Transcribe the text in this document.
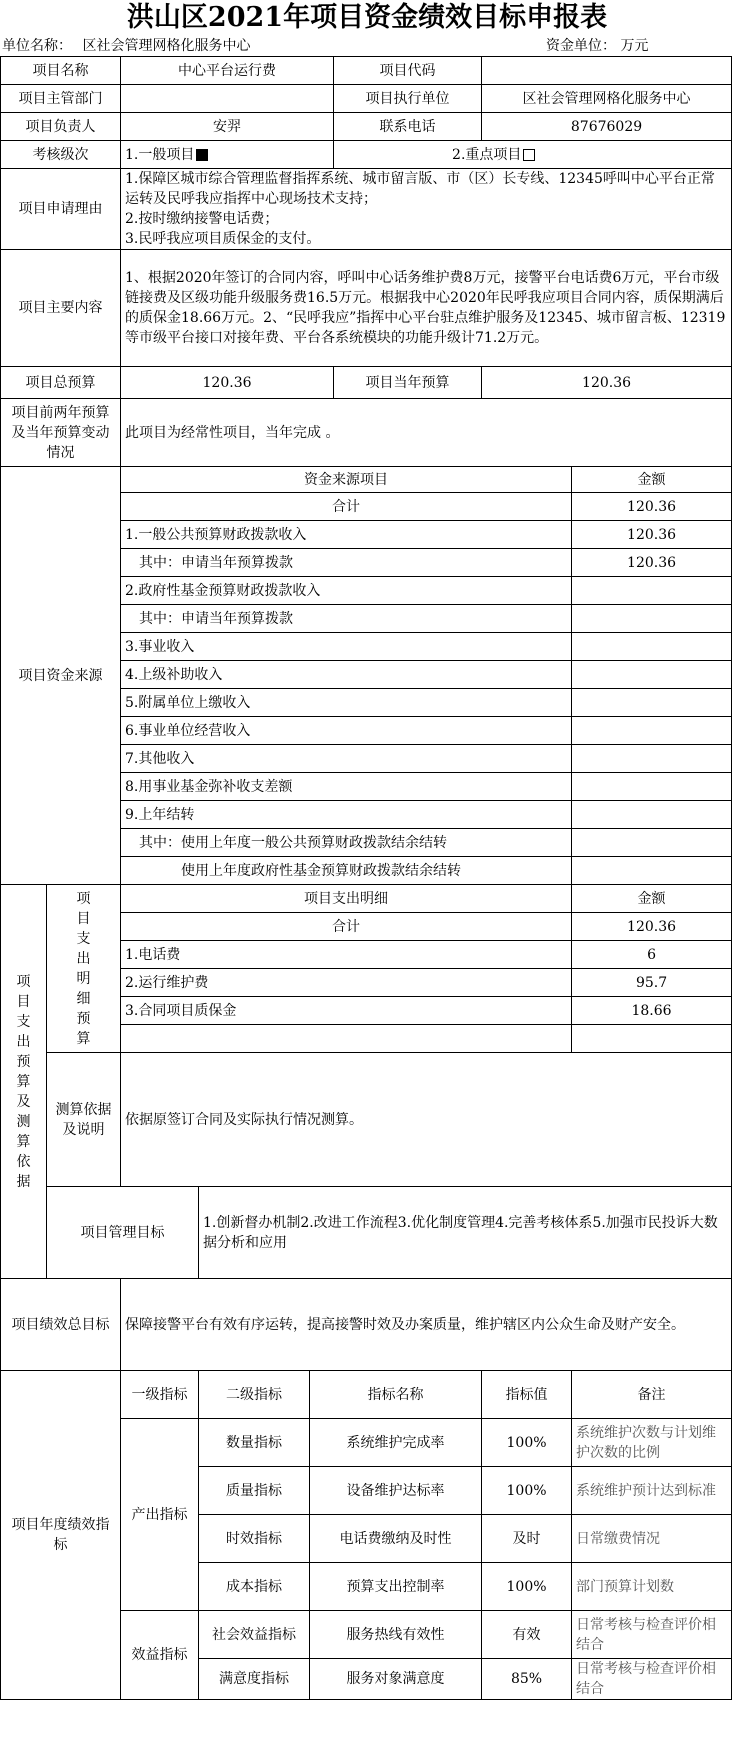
洪山区2021年项目资金绩效目标申报表
单位名称： 区社会管理网格化服务中心	资金单位： 万元
项目名称		中心平台运行费			项目代码		
项目主管部门					项目执行单位	区社会管理网格化服务中心	
项目负责人		安羿			联系电话	87676029	
考核级次		1.一般项目			2.重点项目		
项目申请理由		1.保障区城市综合管理监督指挥系统、城市留言版、市（区）长专线、12345呼叫中心平台正常运转及民呼我应指挥中心现场技术支持；
2.按时缴纳接警电话费；
3.民呼我应项目质保金的支付。					
项目主要内容		1、根据2020年签订的合同内容，呼叫中心话务维护费8万元，接警平台电话费6万元，平台市级链接费及区级功能升级服务费16.5万元。根据我中心2020年民呼我应项目合同内容，质保期满后的质保金18.66万元。2、“民呼我应”指挥中心平台驻点维护服务及12345、城市留言板、12319等市级平台接口对接年费、平台各系统模块的功能升级计71.2万元。					
项目总预算		120.36			项目当年预算	120.36	
项目前两年预算及当年预算变动情况		此项目为经常性项目，当年完成 。					
项目资金来源		资金来源项目					金额
		合计					120.36
		1.一般公共预算财政拨款收入					120.36
		其中：申请当年预算拨款					120.36
		2.政府性基金预算财政拨款收入					
		其中：申请当年预算拨款					
		3.事业收入					
		4.上级补助收入					
		5.附属单位上缴收入					
		6.事业单位经营收入					
		7.其他收入					
		8.用事业基金弥补收支差额					
		9.上年结转					
		其中：使用上年度一般公共预算财政拨款结余结转					
		使用上年度政府性基金预算财政拨款结余结转					

项目支出预算及测算依据	项目支出明细预算	项目支出明细					金额
		合计					120.36
		1.电话费					6
		2.运行维护费					95.7
		3.合同项目质保金					18.66

	测算依据及说明	依据原签订合同及实际执行情况测算。					
	项目管理目标		1.创新督办机制2.改进工作流程3.优化制度管理4.完善考核体系5.加强市民投诉大数据分析和应用				
项目绩效总目标		保障接警平台有效有序运转，提高接警时效及办案质量，维护辖区内公众生命及财产安全。					
项目年度绩效指标		一级指标	二级指标	指标名称		指标值	备注
		产出指标	数量指标	系统维护完成率		100%	系统维护次数与计划维护次数的比例
			质量指标	设备维护达标率		100%	系统维护预计达到标准
			时效指标	电话费缴纳及时性		及时	日常缴费情况
			成本指标	预算支出控制率		100%	部门预算计划数
		效益指标	社会效益指标	服务热线有效性		有效	日常考核与检查评价相结合
			满意度指标	服务对象满意度		85%	日常考核与检查评价相结合
